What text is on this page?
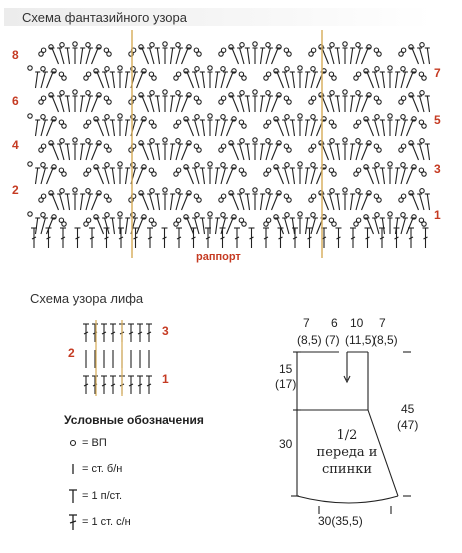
Схема фантазийного узора
8
6
4
2
7
5
3
1
раппорт
Схема узора лифа
3
2
1
Условные обозначения
= ВП
= ст. б/н
= 1 п/ст.
= 1 ст. с/н
7 6 10 7
(8,5) (7) (11,5)
(8,5)
15
(17)
30
45
(47)
1/2
переда и
спинки
30(35,5)
